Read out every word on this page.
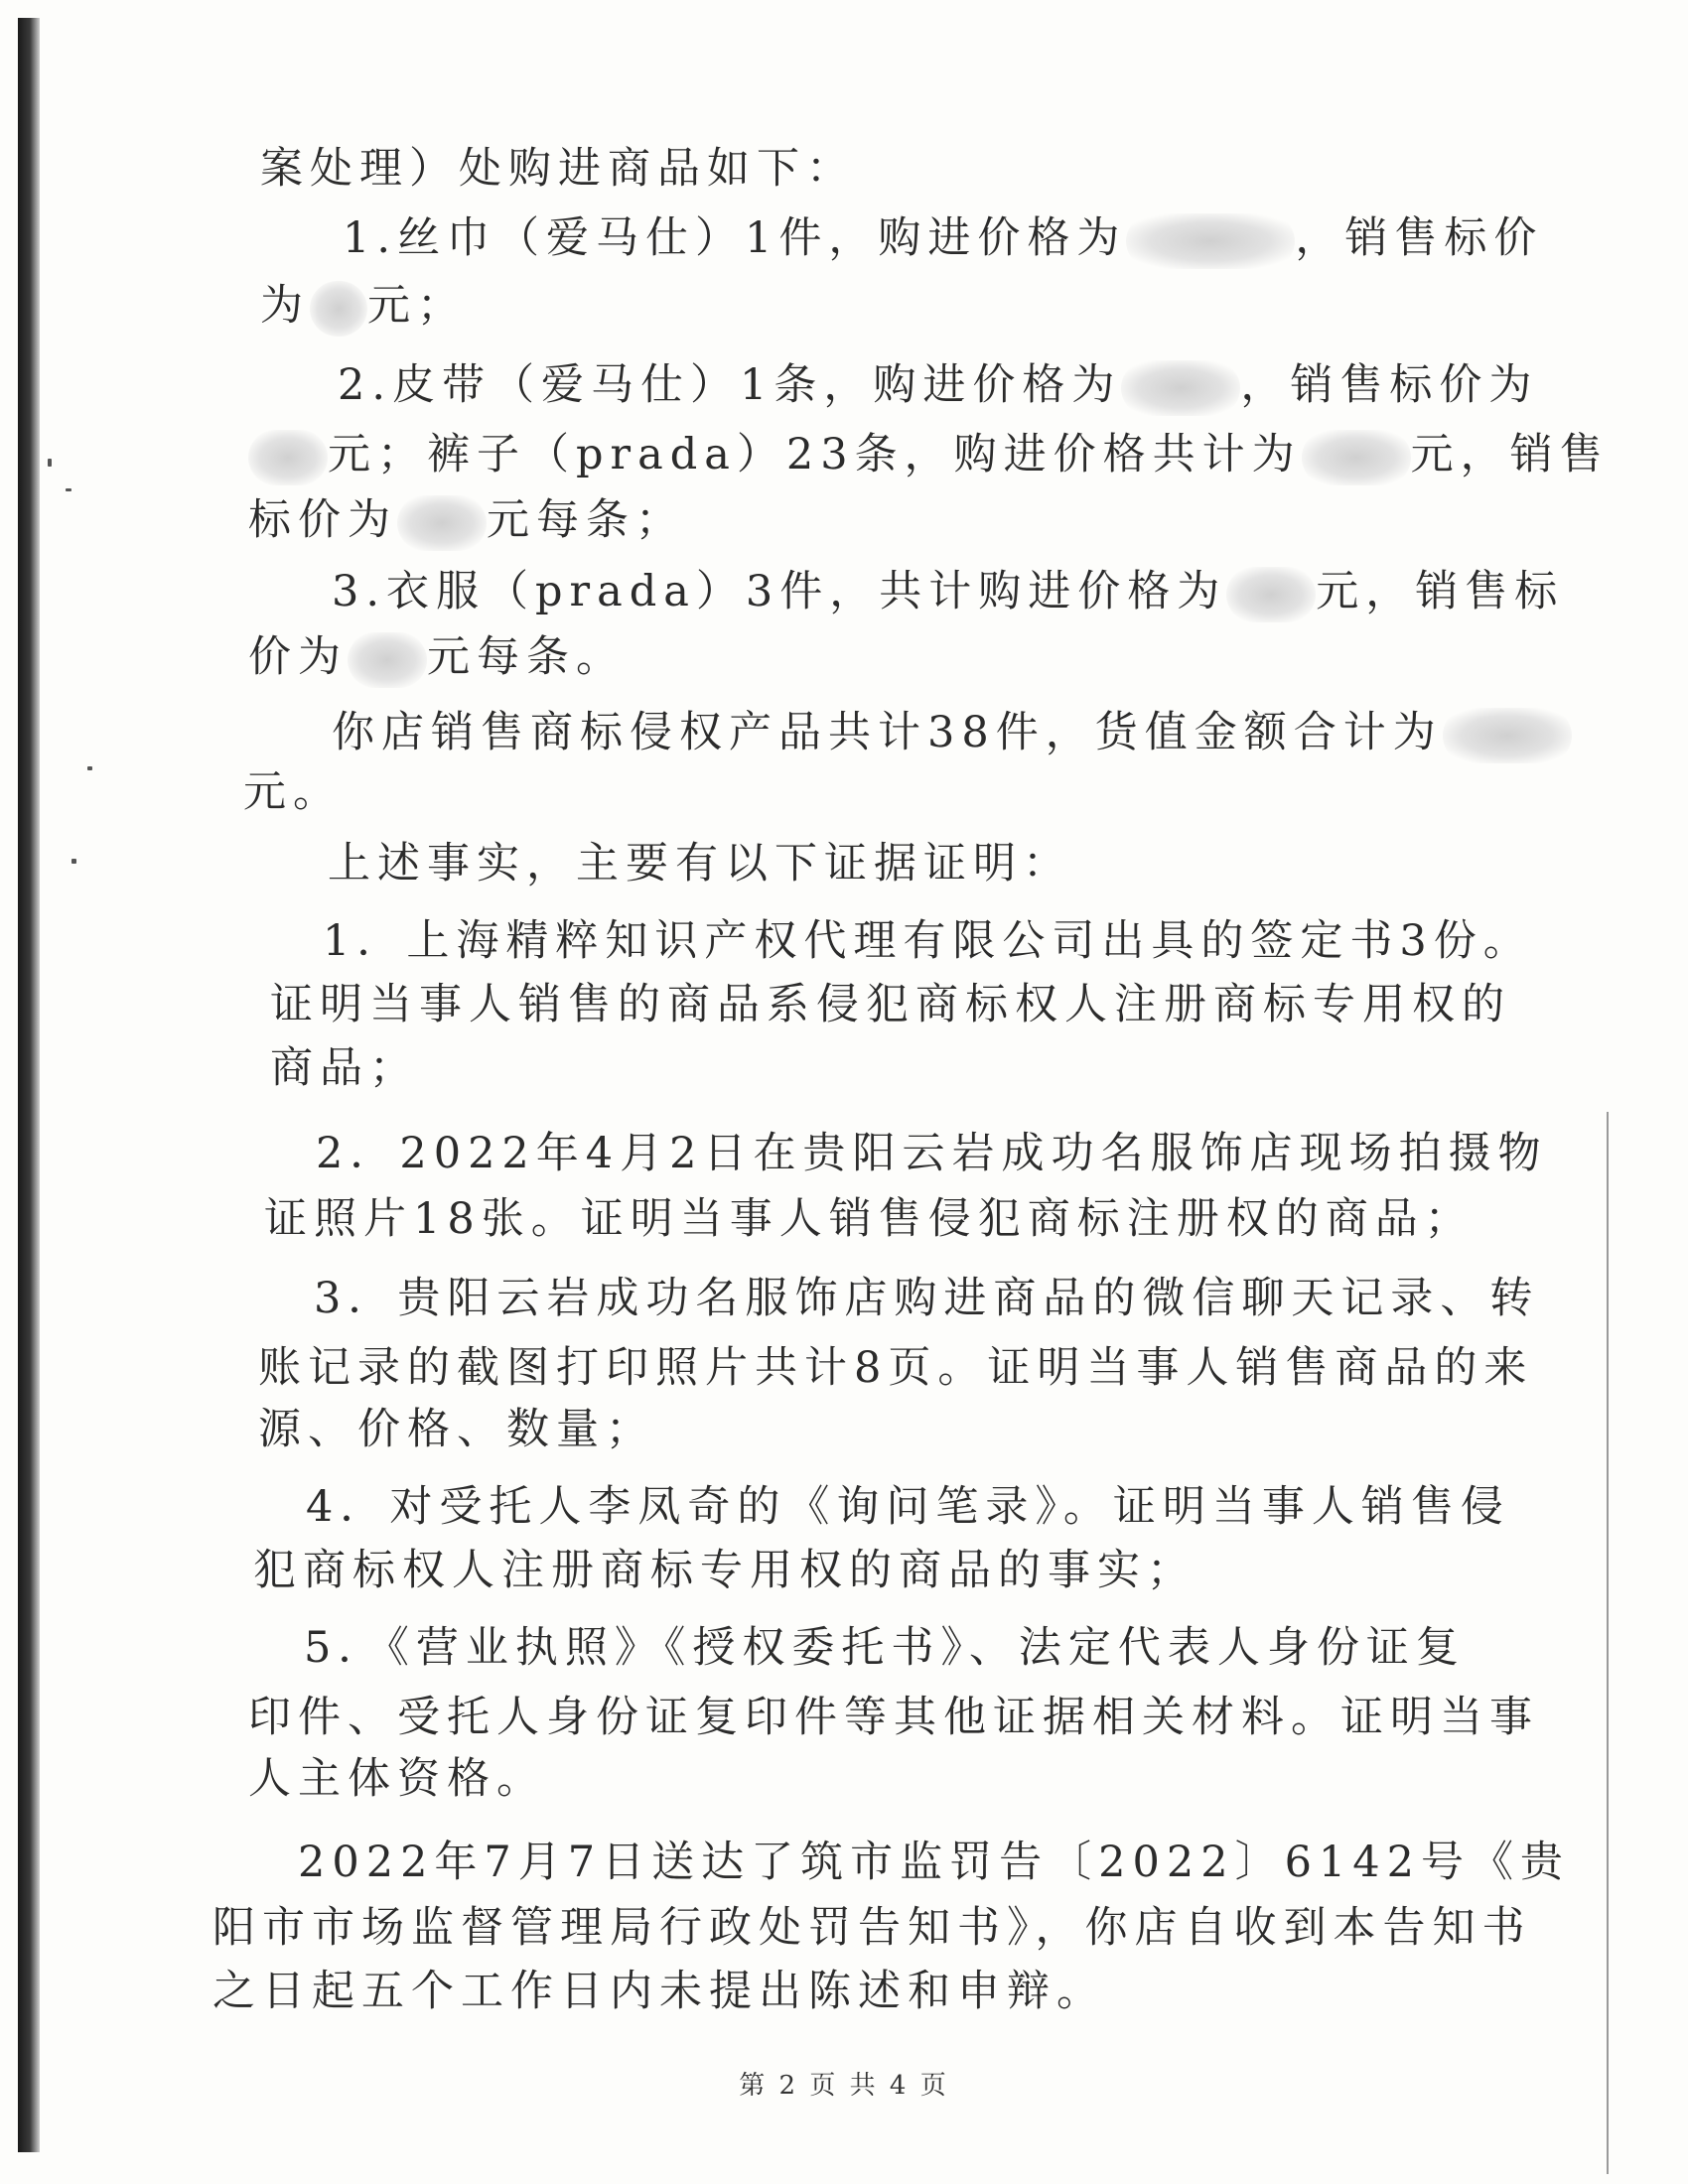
案处理）处购进商品如下：

1.丝巾（爱马仕）1件，购进价格为	，销售标价

为 元；

2.皮带（爱马仕）1条，购进价格为	，销售标价为

元；裤子（prada）23条，购进价格共计为	元，销售

标价为 元每条；

3.衣服（prada）3件，共计购进价格为 元，销售标

价为 元每条。

你店销售商标侵权产品共计38件，货值金额合计为

元。

上述事实，主要有以下证据证明：

1．上海精粹知识产权代理有限公司出具的签定书3份。

证明当事人销售的商品系侵犯商标权人注册商标专用权的

商品；

2．2022年4月2日在贵阳云岩成功名服饰店现场拍摄物

证照片18张。证明当事人销售侵犯商标注册权的商品；

3．贵阳云岩成功名服饰店购进商品的微信聊天记录、转

账记录的截图打印照片共计8页。证明当事人销售商品的来

源、价格、数量；

4．对受托人李凤奇的《询问笔录》。证明当事人销售侵

犯商标权人注册商标专用权的商品的事实；

5．《营业执照》《授权委托书》、法定代表人身份证复

印件、受托人身份证复印件等其他证据相关材料。证明当事

人主体资格。

2022年7月7日送达了筑市监罚告〔2022〕6142号《贵

阳市市场监督管理局行政处罚告知书》，你店自收到本告知书

之日起五个工作日内未提出陈述和申辩。

第 2 页 共 4 页
